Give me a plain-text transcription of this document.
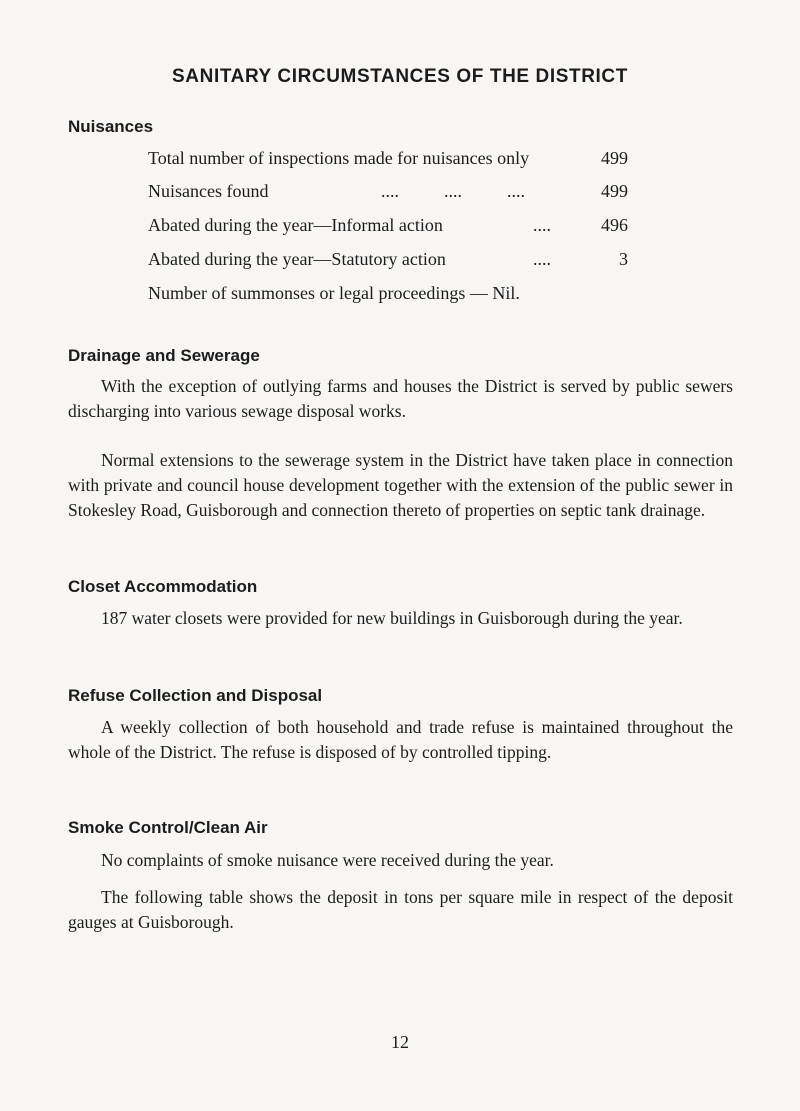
SANITARY CIRCUMSTANCES OF THE DISTRICT
Nuisances
Total number of inspections made for nuisances only	499
Nuisances found	....          ....          ....	499
Abated during the year—Informal action	....	496
Abated during the year—Statutory action	....	3
Number of summonses or legal proceedings — Nil.
Drainage and Sewerage
With the exception of outlying farms and houses the District is served by public sewers discharging into various sewage disposal works.
Normal extensions to the sewerage system in the District have taken place in connection with private and council house development together with the extension of the public sewer in Stokesley Road, Guisborough and connection thereto of properties on septic tank drainage.
Closet Accommodation
187 water closets were provided for new buildings in Guisborough during the year.
Refuse Collection and Disposal
A weekly collection of both household and trade refuse is maintained throughout the whole of the District. The refuse is disposed of by controlled tipping.
Smoke Control/Clean Air
No complaints of smoke nuisance were received during the year.
The following table shows the deposit in tons per square mile in respect of the deposit gauges at Guisborough.
12
